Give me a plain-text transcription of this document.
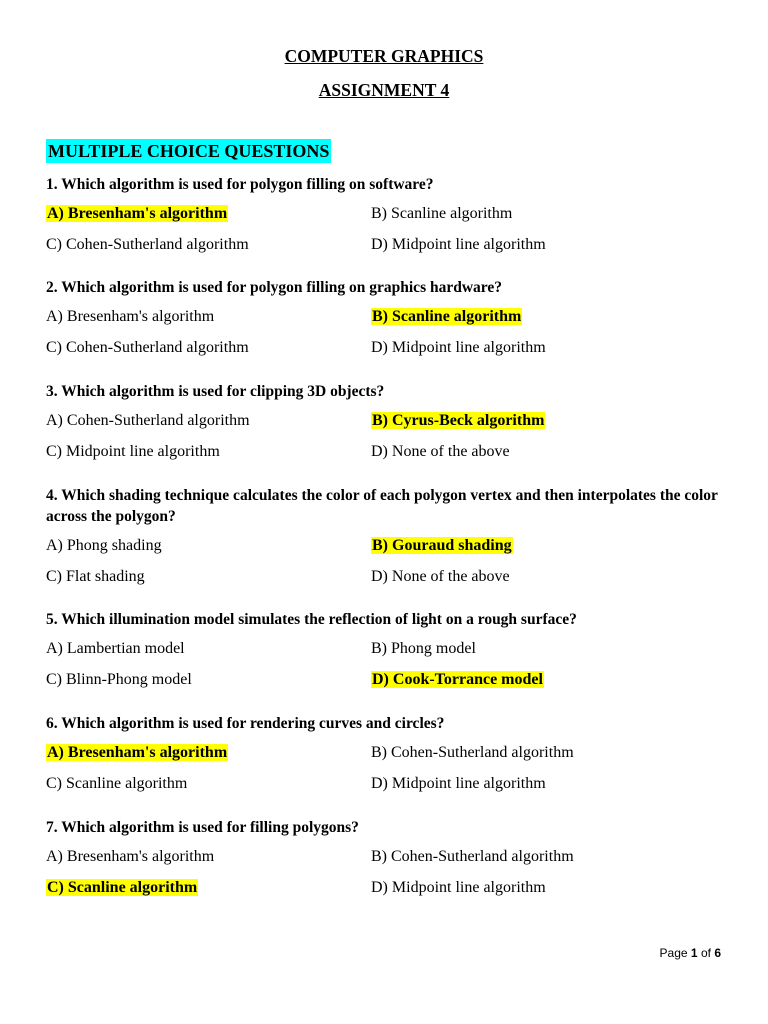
COMPUTER GRAPHICS
ASSIGNMENT 4
MULTIPLE CHOICE QUESTIONS

1. Which algorithm is used for polygon filling on software?

A) Bresenham's algorithm	B) Scanline algorithm
C) Cohen-Sutherland algorithm	D) Midpoint line algorithm

2. Which algorithm is used for polygon filling on graphics hardware?

A) Bresenham's algorithm	B) Scanline algorithm
C) Cohen-Sutherland algorithm	D) Midpoint line algorithm

3. Which algorithm is used for clipping 3D objects?

A) Cohen-Sutherland algorithm	B) Cyrus-Beck algorithm
C) Midpoint line algorithm	D) None of the above

4. Which shading technique calculates the color of each polygon vertex and then interpolates the color across the polygon?

A) Phong shading	B) Gouraud shading
C) Flat shading	D) None of the above

5. Which illumination model simulates the reflection of light on a rough surface?

A) Lambertian model	B) Phong model
C) Blinn-Phong model	D) Cook-Torrance model

6. Which algorithm is used for rendering curves and circles?

A) Bresenham's algorithm	B) Cohen-Sutherland algorithm
C) Scanline algorithm	D) Midpoint line algorithm

7. Which algorithm is used for filling polygons?

A) Bresenham's algorithm	B) Cohen-Sutherland algorithm
C) Scanline algorithm	D) Midpoint line algorithm
Page 1 of 6
